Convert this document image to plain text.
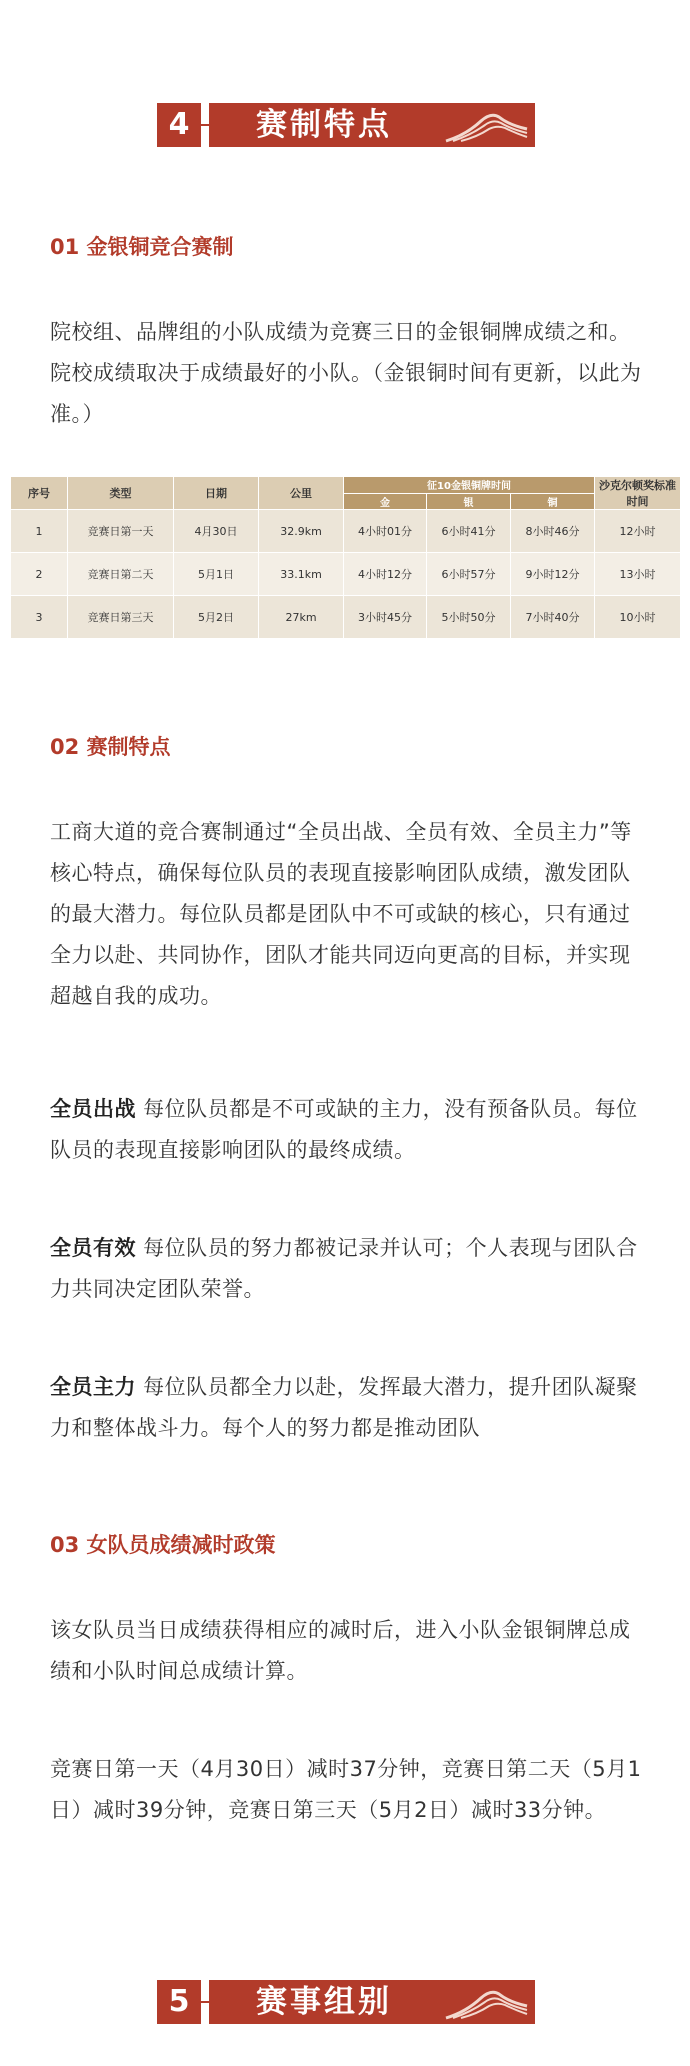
4	赛制特点
01 金银铜竞合赛制

院校组、品牌组的小队成绩为竞赛三日的金银铜牌成绩之和。院校成绩取决于成绩最好的小队。（金银铜时间有更新，以此为准。）

序号	类型	日期	公里	征10金银铜牌时间			沙克尔顿奖标准时间
				金	银	铜	
1	竞赛日第一天	4月30日	32.9km	4小时01分	6小时41分	8小时46分	12小时
2	竞赛日第二天	5月1日	33.1km	4小时12分	6小时57分	9小时12分	13小时
3	竞赛日第三天	5月2日	27km	3小时45分	5小时50分	7小时40分	10小时
02 赛制特点

工商大道的竞合赛制通过“全员出战、全员有效、全员主力”等核心特点，确保每位队员的表现直接影响团队成绩，激发团队的最大潜力。每位队员都是团队中不可或缺的核心，只有通过全力以赴、共同协作，团队才能共同迈向更高的目标，并实现超越自我的成功。

全员出战 每位队员都是不可或缺的主力，没有预备队员。每位队员的表现直接影响团队的最终成绩。

全员有效 每位队员的努力都被记录并认可；个人表现与团队合力共同决定团队荣誉。

全员主力 每位队员都全力以赴，发挥最大潜力，提升团队凝聚力和整体战斗力。每个人的努力都是推动团队

03 女队员成绩减时政策

该女队员当日成绩获得相应的减时后，进入小队金银铜牌总成绩和小队时间总成绩计算。

竞赛日第一天（4月30日）减时37分钟，竞赛日第二天（5月1日）减时39分钟，竞赛日第三天（5月2日）减时33分钟。

5	赛事组别
